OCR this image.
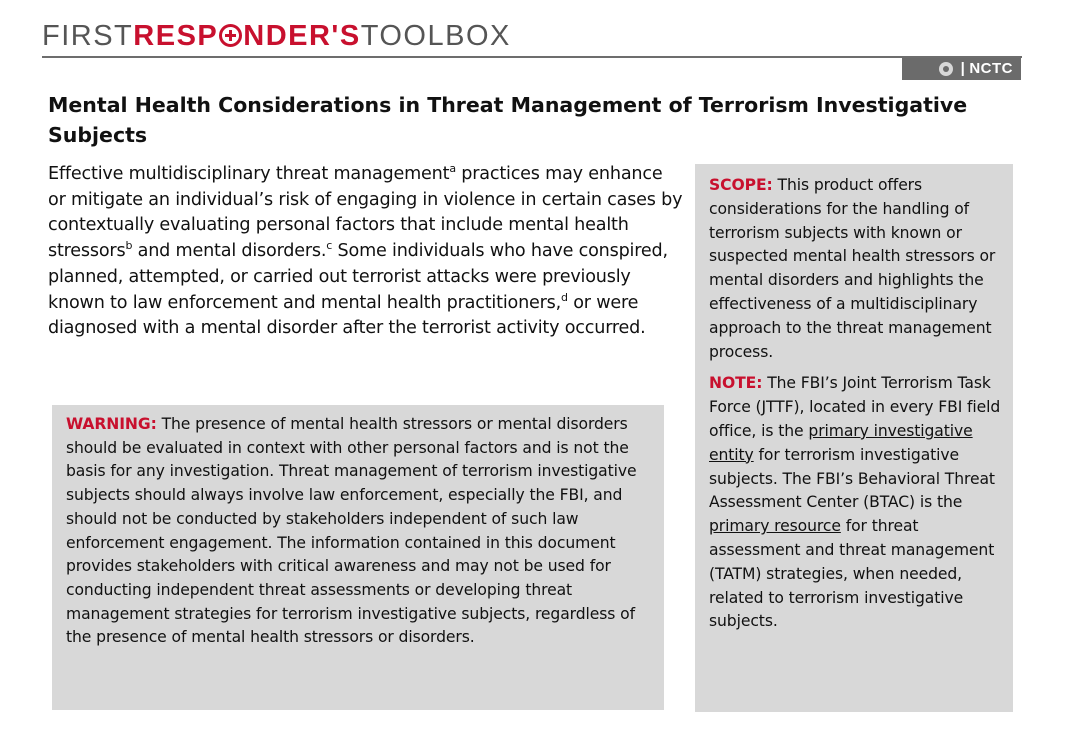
FIRSTRESP NDER'STOOLBOX
| NCTC
Mental Health Considerations in Threat Management of Terrorism Investigative Subjects

Effective multidisciplinary threat management$^a$ practices may enhance or mitigate an individual’s risk of engaging in violence in certain cases by contextually evaluating personal factors that include mental health stressors$^b$ and mental disorders.$^c$ Some individuals who have conspired, planned, attempted, or carried out terrorist attacks were previously known to law enforcement and mental health practitioners,$^d$ or were diagnosed with a mental disorder after the terrorist activity occurred.

WARNING: The presence of mental health stressors or mental disorders should be evaluated in context with other personal factors and is not the basis for any investigation. Threat management of terrorism investigative subjects should always involve law enforcement, especially the FBI, and should not be conducted by stakeholders independent of such law enforcement engagement. The information contained in this document provides stakeholders with critical awareness and may not be used for conducting independent threat assessments or developing threat management strategies for terrorism investigative subjects, regardless of the presence of mental health stressors or disorders.

SCOPE: This product offers considerations for the handling of terrorism subjects with known or suspected mental health stressors or mental disorders and highlights the effectiveness of a multidisciplinary approach to the threat management process.

NOTE: The FBI’s Joint Terrorism Task Force (JTTF), located in every FBI field office, is the primary investigative entity for terrorism investigative subjects. The FBI’s Behavioral Threat Assessment Center (BTAC) is the primary resource for threat assessment and threat management (TATM) strategies, when needed, related to terrorism investigative subjects.
